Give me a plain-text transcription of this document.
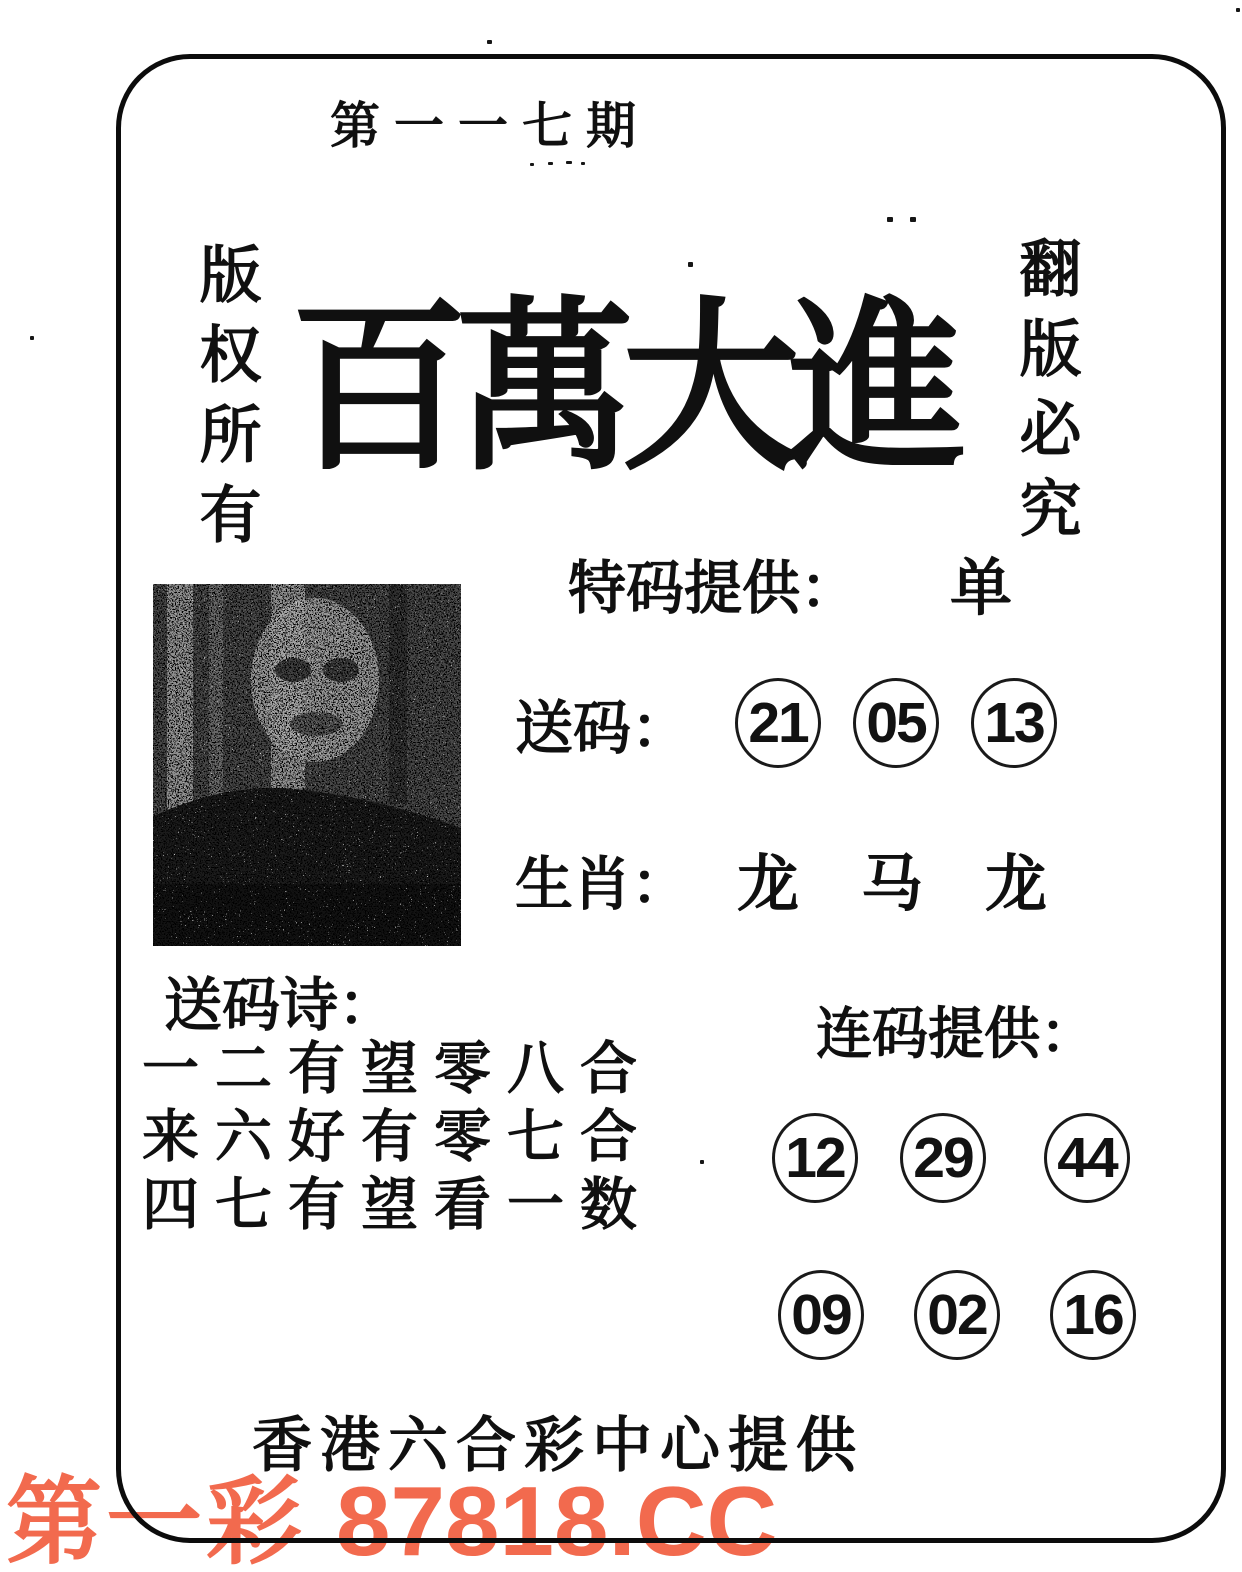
第一一七期
版权所有	翻版必究
百萬大進
特码提供： 单
送码： 21 05 13
生肖： 龙 马 龙
送码诗：
一二有望零八合
来六好有零七合
四七有望看一数
连码提供：
12 29 44
09 02 16
香港六合彩中心提供
第一彩 87818.CC
